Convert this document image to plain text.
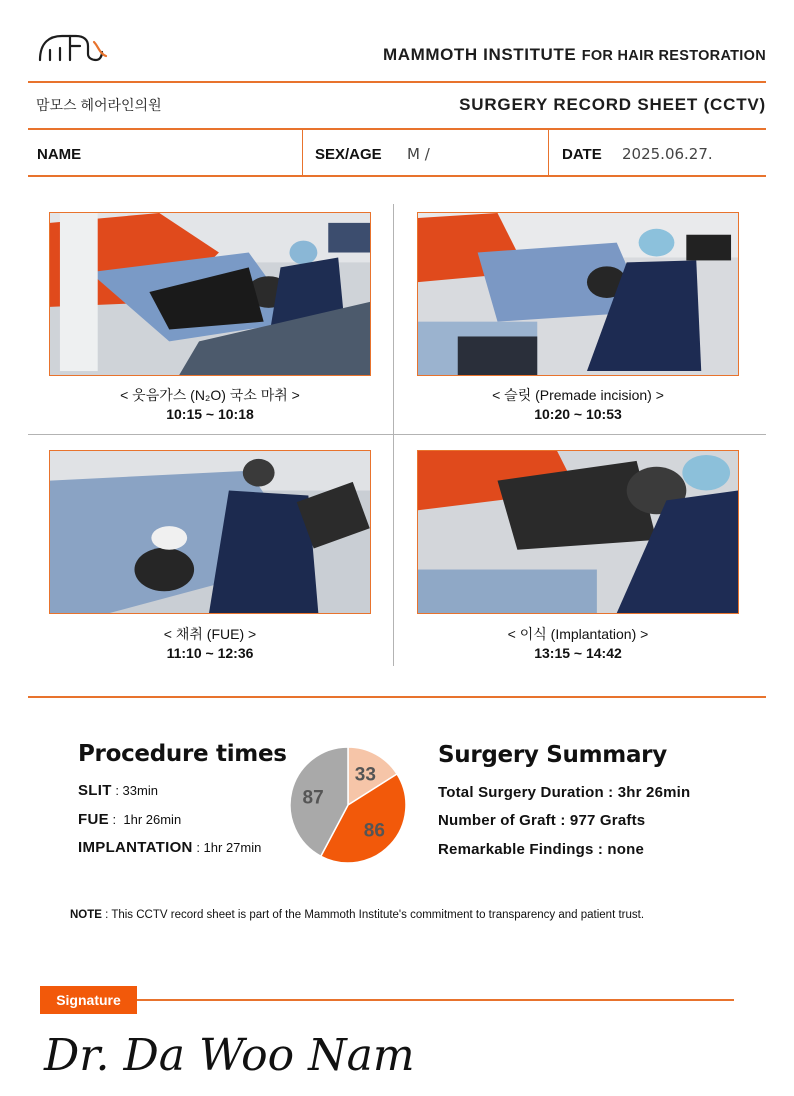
MAMMOTH INSTITUTE FOR HAIR RESTORATION
맘모스 헤어라인의원	SURGERY RECORD SHEET (CCTV)
NAME	SEX/AGE M /	DATE 2025.06.27.
< 웃음가스 (N₂O) 국소 마취 >
10:15 ~ 10:18
< 슬릿 (Premade incision) >
10:20 ~ 10:53
< 채취 (FUE) >
11:10 ~ 12:36
< 이식 (Implantation) >
13:15 ~ 14:42
Procedure times
SLIT : 33min
FUE :  1hr 26min
IMPLANTATION : 1hr 27min
33
86
87
Surgery Summary
Total Surgery Duration : 3hr 26min
Number of Graft : 977 Grafts
Remarkable Findings : none
NOTE : This CCTV record sheet is part of the Mammoth Institute's commitment to transparency and patient trust.
Signature
Dr. Da Woo Nam
